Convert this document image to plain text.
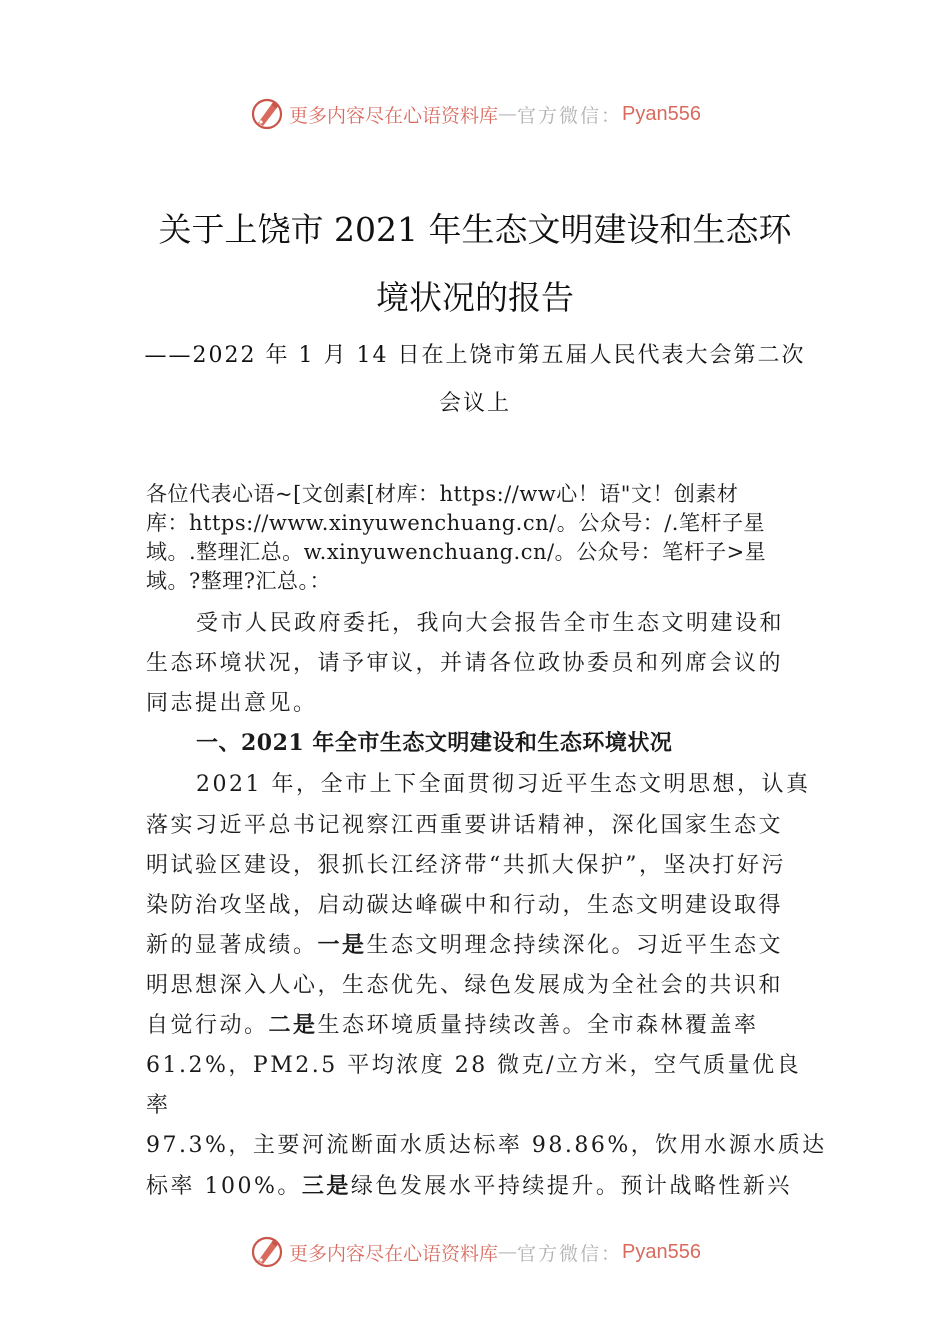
更多内容尽在心语资料库 — 官方微信： Pyan556
关于上饶市 2021 年生态文明建设和生态环
境状况的报告
——2022 年 1 月 14 日在上饶市第五届人民代表大会第二次
会议上
各位代表心语~[文创素[材库：https://ww心！语"文！创素材
库：https://www.xinyuwenchuang.cn/。公众号：/.笔杆子星
域。.整理汇总。w.xinyuwenchuang.cn/。公众号：笔杆子>星
域。?整理?汇总。：
受市人民政府委托，我向大会报告全市生态文明建设和
生态环境状况，请予审议，并请各位政协委员和列席会议的
同志提出意见。
一、2021 年全市生态文明建设和生态环境状况
2021 年，全市上下全面贯彻习近平生态文明思想，认真
落实习近平总书记视察江西重要讲话精神，深化国家生态文
明试验区建设，狠抓长江经济带“共抓大保护”，坚决打好污
染防治攻坚战，启动碳达峰碳中和行动，生态文明建设取得
新的显著成绩。一是生态文明理念持续深化。习近平生态文
明思想深入人心，生态优先、绿色发展成为全社会的共识和
自觉行动。二是生态环境质量持续改善。全市森林覆盖率
61.2%，PM2.5 平均浓度 28 微克/立方米，空气质量优良
率
97.3%，主要河流断面水质达标率 98.86%，饮用水源水质达
标率 100%。三是绿色发展水平持续提升。预计战略性新兴
更多内容尽在心语资料库 — 官方微信： Pyan556
